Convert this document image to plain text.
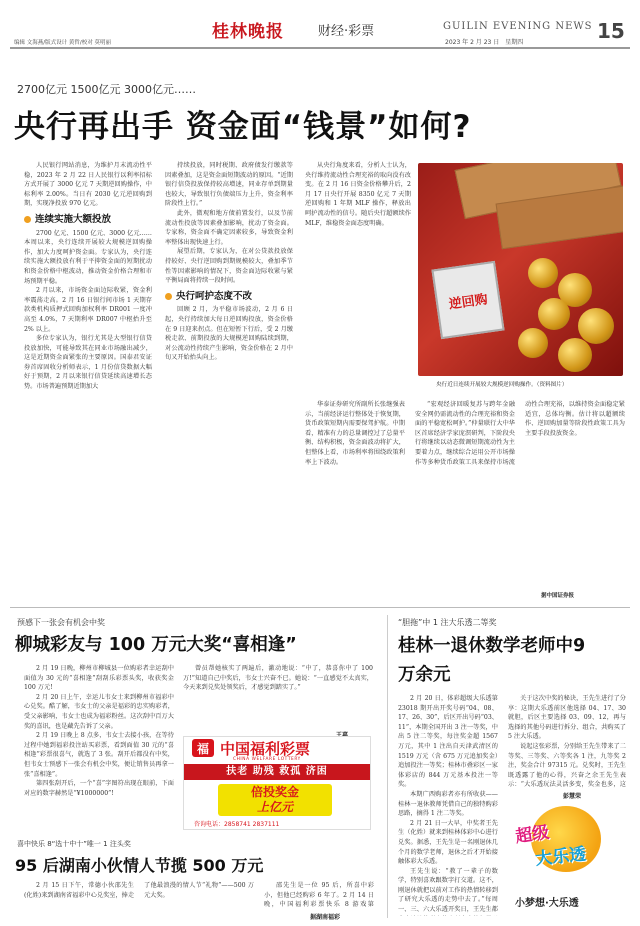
编辑 文海燕/版式设计 黄哲/校对 莫明丽
桂林晚报	财经·彩票	GUILIN EVENING NEWS
2023 年 2 月 23 日　星期四	15
2700亿元 1500亿元 3000亿元……
央行再出手 资金面“钱景”如何?

人民银行网站消息，为维护月末流动性平稳，2023 年 2 月 22 日人民银行以利率招标方式开展了 3000 亿元 7 天期逆回购操作，中标利率 2.00%。当日有 2030 亿元逆回购到期，实现净投放 970 亿元。

连续实施大额投放

2700 亿元、1500 亿元、3000 亿元……本周以来，央行连续开展较大规模逆回购操作，加大力度呵护资金面。专家认为，央行连续实施大额投放有利于平抑资金面的短期扰动和资金价格中枢波动，推动资金价格合理和市场预期平稳。

2 月以来，市场资金面边际收紧，资金利率震荡走高。2 月 16 日银行间市场 1 天期存款类机构质押式回购加权利率 DR001 一度冲高至 4.0%，7 天期利率 DR007 中枢抬升至 2% 以上。

多位专家认为，银行尤其是大型银行信贷投放加快，可能导致其在同业市场融出减少，这是近期资金面紧张的主要原因。国泰君安证券首席固收分析师表示，1 月份信贷数据大幅好于预期，2 月以来银行信贷延续高速增长态势。市场普遍预期近期加大

持续投放，同时税期、政府债发行缴款等因素叠加，这是资金面短期波动的原因。“近期银行信贷投放保持较高增速，同业存单到期量也较大，导致银行负债端压力上升，资金利率阶段性上行。”

此外，微观和地方债前置发行，以及节前流动性投放等因素叠加影响，扰动了资金面。专家称，资金面不确定因素较多，导致资金利率整体出现快速上行。

展望后期，专家认为，在对公贷款投放保持较好、央行逆回购到期规模较大，叠加季节性等因素影响的情况下，资金面边际收紧与紧平衡局面将持续一段时间。

央行呵护态度不改

回顾 2 月，为平稳市场波动，2 月 6 日起，央行持续加大每日逆回购投放，资金价格在 9 日迎来拐点。但在短暂下行后，受 2 月缴税走款、前期投放的大规模逆回购陆续到期，对公流动性持续产生影响，资金价格在 2 月中旬又开始抬头向上。

从央行角度来看，分析人士认为，央行维持流动性合理充裕的取向没有改变。在 2 月 16 日资金价格攀升后，2 月 17 日央行开展 8350 亿元 7 天期逆回购和 1 年期 MLF 操作，释放出呵护流动性的信号。随后央行超额续作 MLF，维稳资金面态度明确。

华泰证券研究所副所长张继强表示，当前经济运行整体处于恢复期，货币政策短期内需要保驾护航。中期看，精准有力的总量调控过了总量平衡、结构积极，资金面波动将扩大，但整体上看，市场利率将围绕政策利率上下波动。

“宏观经济回暖复苏与跨年金融安全网仍需流动性的合理充裕和资金面的平稳宽松呵护。”仲量联行大中华区首席经济学家庞溟研判，下阶段央行将继续以动态微调短期流动性为主要着力点，继续综合运用公开市场操作等多种货币政策工具来保持市场流动性合理充裕，以维持资金面稳定紧适宜，总体均衡。估计将以超额续作、逆回购加量等阶段性政策工具为主要手段投放资金。

据中国证券报
逆回购
央行近日连续开展较大规模逆回购操作。（资料图片）
预感下一张会有机会中奖
柳城彩友与 100 万元大奖“喜相逢”

2 月 19 日晚，柳州市柳城县一位购彩者幸运刮中面值为 30 元的“喜相逢”刮刮乐彩票头奖，收获奖金 100 万元!

2 月 20 日上午，幸运儿韦女士来到柳州市福彩中心兑奖。酷了解，韦女士的父亲是福彩的忠实购彩者，受父亲影响，韦女士也成为福彩粉丝。这次刮中百万大奖的喜讯，也是藏先告诉了父亲。

2 月 19 日晚上 8 点多，韦女士去接小孩，在等待过程中她到福彩投注站买彩票，看到面值 30 元的“喜相逢”彩票很喜气，就选了 3 张。刮开后都没有中奖，但韦女士预感下一张会有机会中奖，便让销售员再拿一张“喜相逢”。

第四张刮开后，一个“喜”字图符出现在眼前，下面对应的数字赫然是“¥1000000”!

曾员帮她核实了两遍后，激动地说：“中了，恭喜你中了 100 万!”知道自己中奖后，韦女士兴奋不已。她说：“一直感觉不太真实，今天来到兑奖处领奖后，才感觉到踏实了。”

福 中国福利彩票
CHINA WELFARE LOTTERY
扶老 助残 救孤 济困
倍投奖金
上亿元
咨询电话：2858741 2837111
喜中快乐 8“选十中十”唯一 1 注头奖
95 后湖南小伙情人节揽 500 万元

2 月 15 日下午，常德小伙邵先生(化姓)来到湖南省福彩中心兑奖室，捧走了他最浪漫的情人节“礼物”——500 万元大奖。

邵先生是一位 95 后，所喜中彩小，但他已经购彩 6 年了。2 月 14 日晚，中国福利彩票快乐 8 游戏第

据湖南福彩
“胆拖”中 1 注大乐透二等奖
桂林一退休数学老师中9万余元

2 月 20 日，体彩超级大乐透第 23018 期开出开奖号码“04、08、17、26、30”，后区开出号码“03、11”，本期全国开出 3 注一等奖，中出 5 注二等奖，每注奖金超 1567 万元，其中 1 注出自天津武清区的 1519 万元（含 675 万元追加奖金）追加投注一等奖；桂林市叠彩区一家体彩店的 844 万元基本投注一等奖。

本期广西购彩者亦有所收获——桂林一退休教师凭借自己的独特购彩思路，摘得 1 注二等奖。

2 月 21 日一大早，中奖者王先生（化姓）就来到桂林体彩中心进行兑奖。据悉，王先生是一名刚退休几个月的数学老师，退休之后才开始接触体彩大乐透。

王先生说：“教了一辈子的数学，特别喜欢跟数字打交道。这不，刚退休就把以前对工作的热情转移到了研究大乐透的走势中去了。”每周一、三、六大乐透开奖日，王先生都

关于这次中奖的秘诀，王先生进行了分享：这期大乐透前区他选择 04、17、30 就胆，后区主要选择 03、09、12，再与选择的其他号码进行拆分、组合，共购买了 5 注大乐透。

说起这张彩票，分别给王先生带来了二等奖、三等奖、六等奖各 1 注，九等奖 2 注，奖金合计 97315 元。兑奖时，王先生既透露了他的心得，兴奋之余王先生表示：“大乐透玩法灵活多变，奖金也多，这

彭慧荣
超级
大乐透
小梦想·大乐透
